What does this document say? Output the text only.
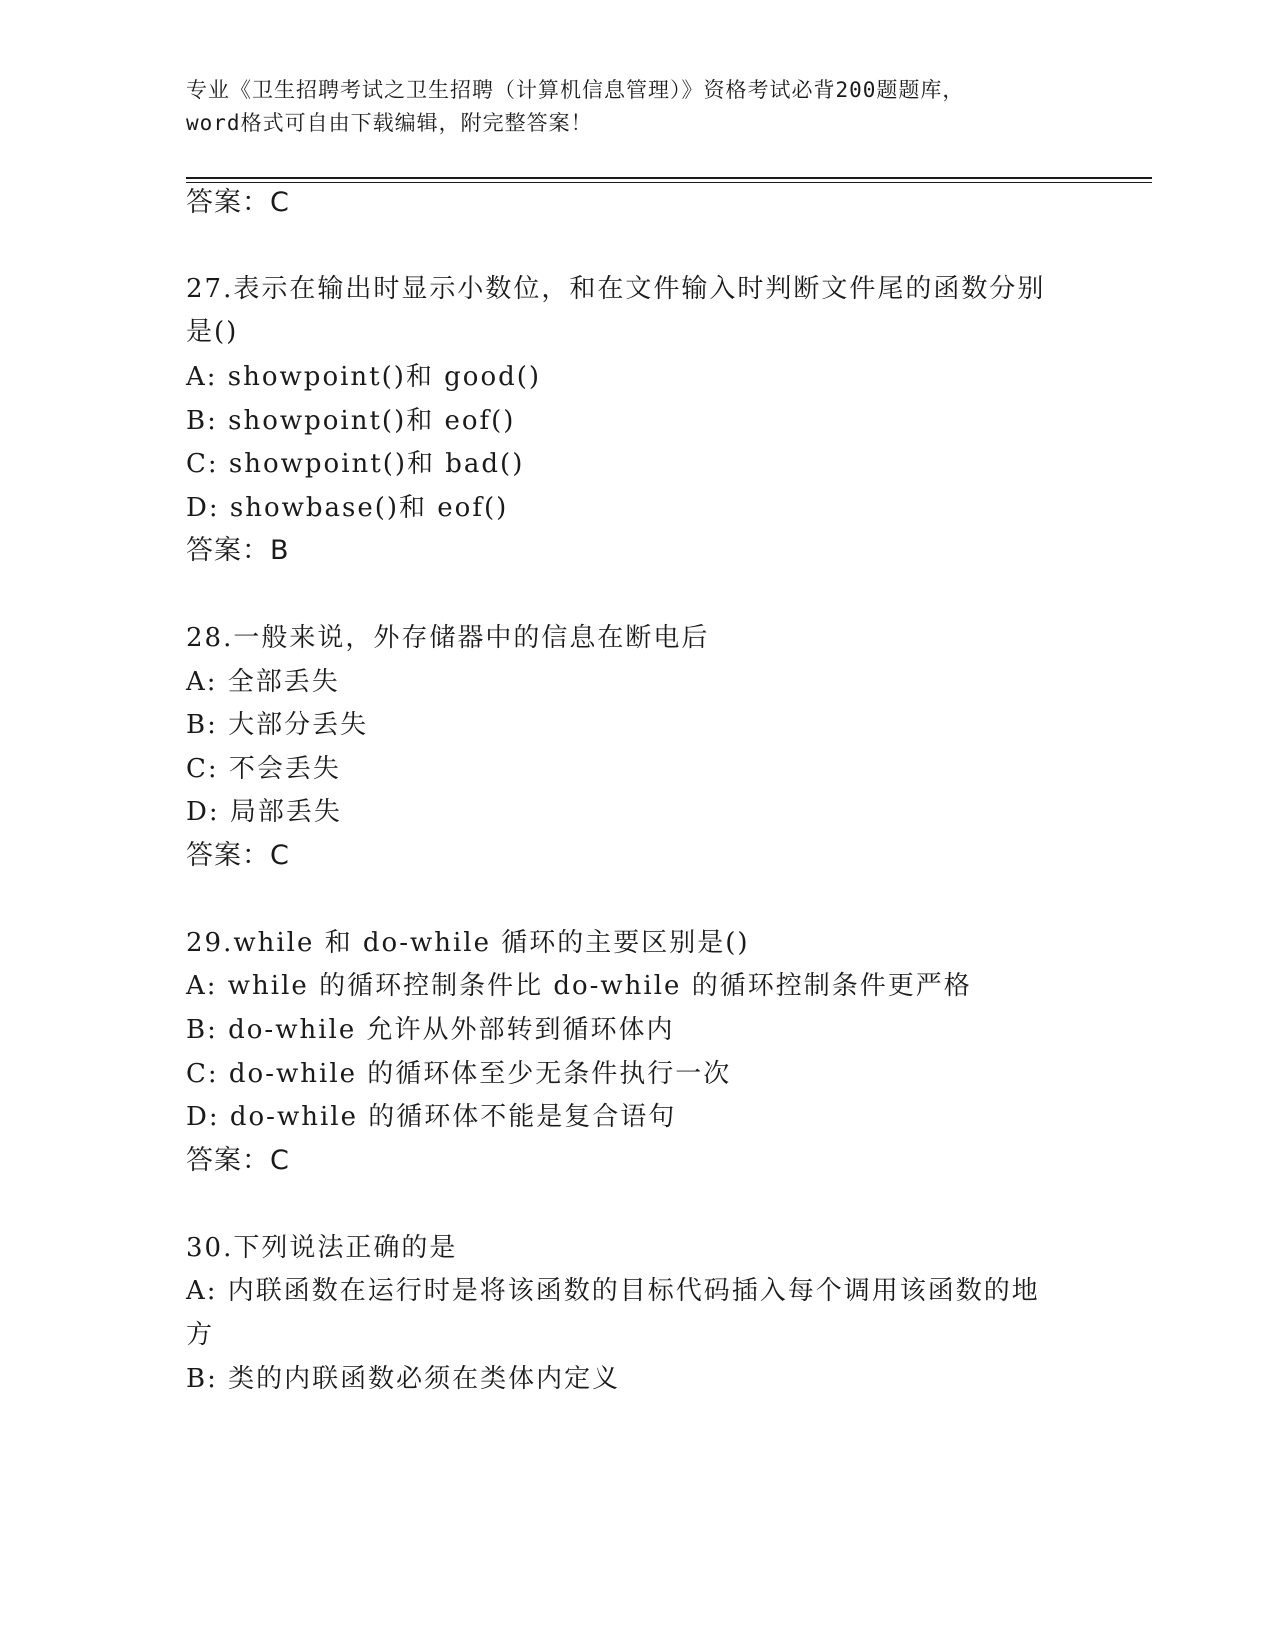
专业《卫生招聘考试之卫生招聘（计算机信息管理）》资格考试必背200题题库，
word格式可自由下载编辑，附完整答案！
答案：C
27.表示在输出时显示小数位，和在文件输入时判断文件尾的函数分别
是()
A: showpoint()和 good()
B: showpoint()和 eof()
C: showpoint()和 bad()
D: showbase()和 eof()
答案：B
28.一般来说，外存储器中的信息在断电后
A: 全部丢失
B: 大部分丢失
C: 不会丢失
D: 局部丢失
答案：C
29.while 和 do-while 循环的主要区别是()
A: while 的循环控制条件比 do-while 的循环控制条件更严格
B: do-while 允许从外部转到循环体内
C: do-while 的循环体至少无条件执行一次
D: do-while 的循环体不能是复合语句
答案：C
30.下列说法正确的是
A: 内联函数在运行时是将该函数的目标代码插入每个调用该函数的地
方
B: 类的内联函数必须在类体内定义
